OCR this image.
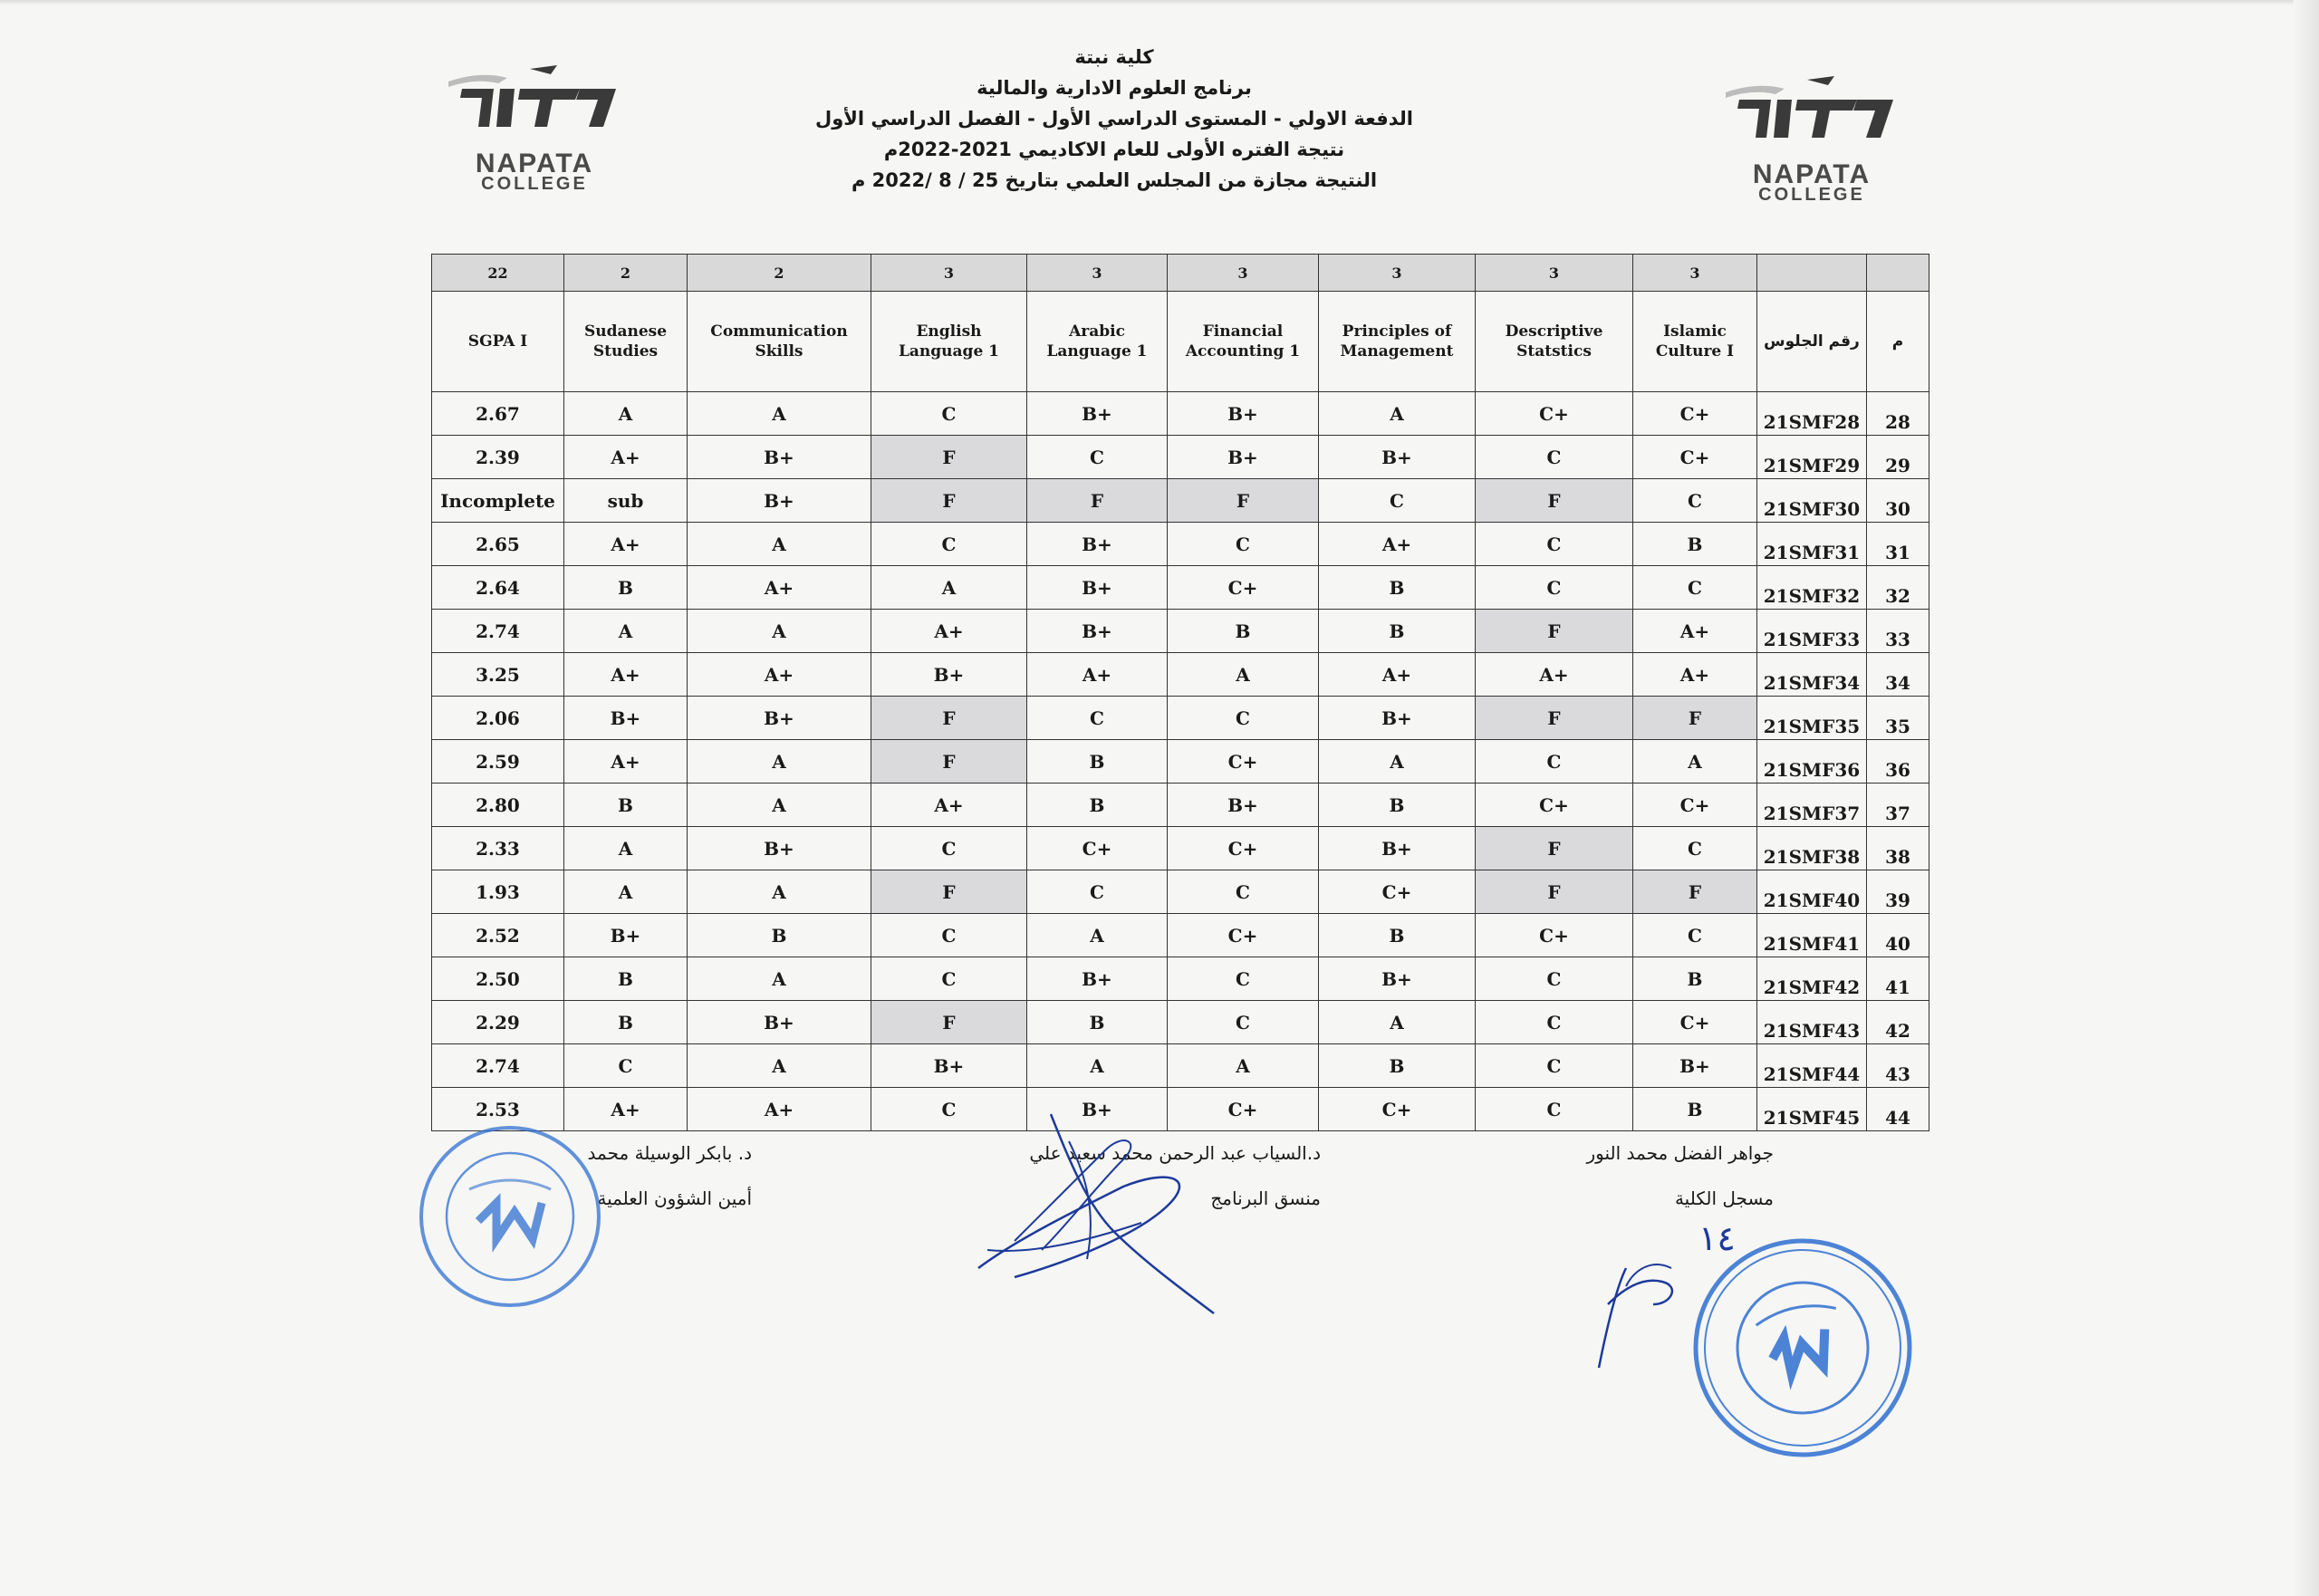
NAPATA
COLLEGE	NAPATA
COLLEGE
كلية نبتة
برنامج العلوم الادارية والمالية
الدفعة الاولي - المستوى الدراسي الأول - الفصل الدراسي الأول
نتيجة الفتره الأولى للعام الاكاديمي 2021-2022م
النتيجة مجازة من المجلس العلمي بتاريخ 25 / 8 /2022 م
22	2	2	3	3	3	3	3	3		
SGPA I	Sudanese Studies	Communication Skills	English Language 1	Arabic Language 1	Financial Accounting 1	Principles of Management	Descriptive Statstics	Islamic Culture I	رقم الجلوس	م
2.67	A	A	C	B+	B+	A	C+	C+	21SMF28	28
2.39	A+	B+	F	C	B+	B+	C	C+	21SMF29	29
Incomplete	sub	B+	F	F	F	C	F	C	21SMF30	30
2.65	A+	A	C	B+	C	A+	C	B	21SMF31	31
2.64	B	A+	A	B+	C+	B	C	C	21SMF32	32
2.74	A	A	A+	B+	B	B	F	A+	21SMF33	33
3.25	A+	A+	B+	A+	A	A+	A+	A+	21SMF34	34
2.06	B+	B+	F	C	C	B+	F	F	21SMF35	35
2.59	A+	A	F	B	C+	A	C	A	21SMF36	36
2.80	B	A	A+	B	B+	B	C+	C+	21SMF37	37
2.33	A	B+	C	C+	C+	B+	F	C	21SMF38	38
1.93	A	A	F	C	C	C+	F	F	21SMF40	39
2.52	B+	B	C	A	C+	B	C+	C	21SMF41	40
2.50	B	A	C	B+	C	B+	C	B	21SMF42	41
2.29	B	B+	F	B	C	A	C	C+	21SMF43	42
2.74	C	A	B+	A	A	B	C	B+	21SMF44	43
2.53	A+	A+	C	B+	C+	C+	C	B	21SMF45	44
جواهر الفضل محمد النور
مسجل الكلية
د.السياب عبد الرحمن محمد سعيد علي
منسق البرنامج
د. بابكر الوسيلة محمد
أمين الشؤون العلمية
١٤
